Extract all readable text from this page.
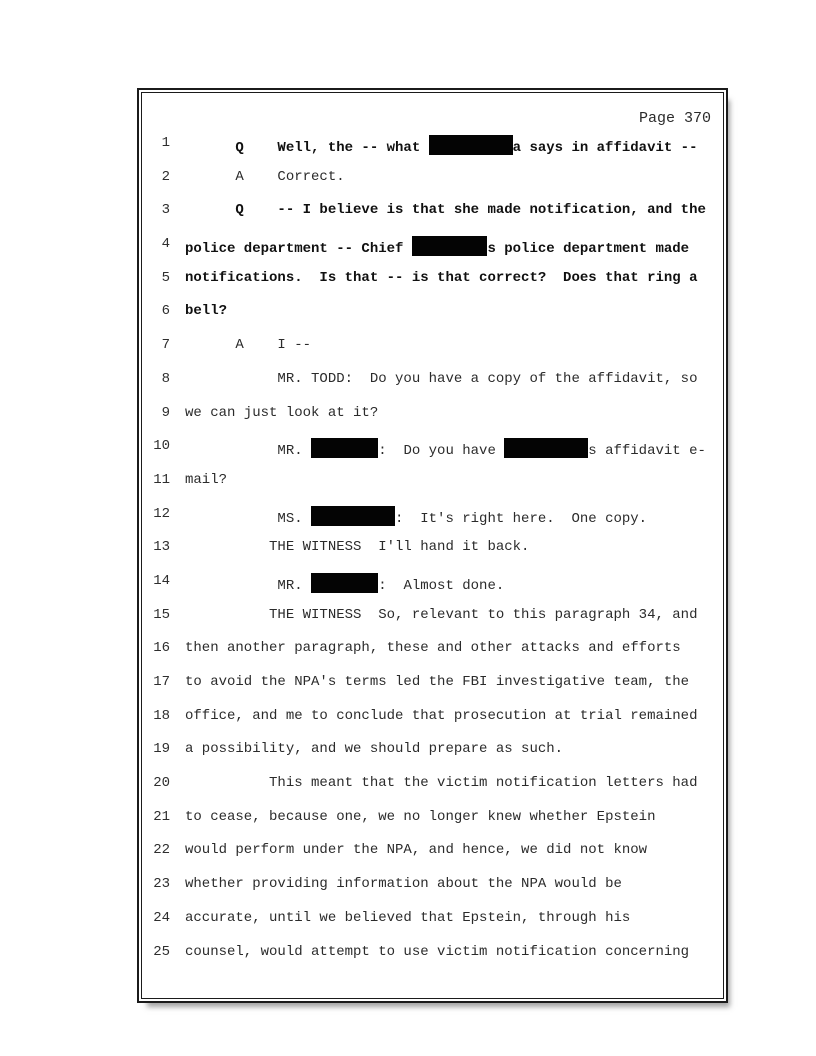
Page 370
1 Q    Well, the -- what	a says in affidavit --
2 A    Correct.
3 Q    -- I believe is that she made notification, and the
4 police department -- Chief	s police department made
5 notifications.  Is that -- is that correct?  Does that ring a
6 bell?
7 A    I --
8 MR. TODD:  Do you have a copy of the affidavit, so
9 we can just look at it?
10 MR.	:  Do you have	s affidavit e-
11 mail?
12 MS.	:  It's right here.  One copy.
13 THE WITNESS  I'll hand it back.
14 MR.	:  Almost done.
15 THE WITNESS  So, relevant to this paragraph 34, and
16 then another paragraph, these and other attacks and efforts
17 to avoid the NPA's terms led the FBI investigative team, the
18 office, and me to conclude that prosecution at trial remained
19 a possibility, and we should prepare as such.
20 This meant that the victim notification letters had
21 to cease, because one, we no longer knew whether Epstein
22 would perform under the NPA, and hence, we did not know
23 whether providing information about the NPA would be
24 accurate, until we believed that Epstein, through his
25 counsel, would attempt to use victim notification concerning
